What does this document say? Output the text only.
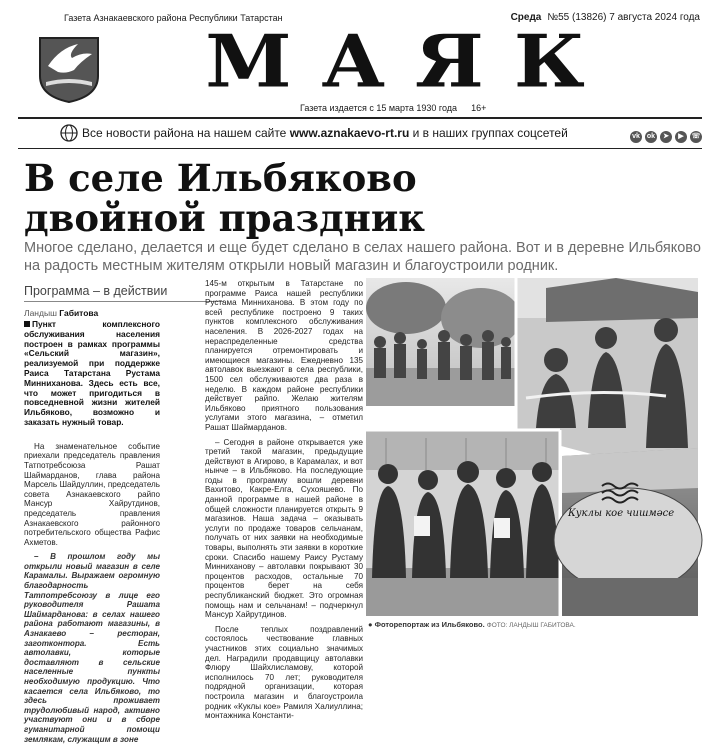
Газета Азнакаевского района Республики Татарстан	Среда №55 (13826) 7 августа 2024 года
МАЯК
Газета издается с 15 марта 1930 года 16+
Все новости района на нашем сайте www.aznakaevo-rt.ru и в наших группах соцсетей	vk ok ➤ ▶ ☏
В селе Ильбяково
двойной праздник
Многое сделано, делается и еще будет сделано в селах нашего района. Вот и в деревне Ильбяково на радость местным жителям открыли новый магазин и благоустроили родник.
Программа – в действии
Ландыш Габитова

Пункт комплексного обслуживания населения построен в рамках программы «Сельский магазин», реализуемой при поддержке Раиса Татарстана Рустама Минниханова. Здесь есть все, что может пригодиться в повседневной жизни жителей Ильбяково, возможно и заказать нужный товар.

На знаменательное событие приехали председатель правления Татпотребсоюза Рашат Шаймарданов, глава района Марсель Шайдуллин, председатель совета Азнакаевского райпо Мансур Хайрутдинов, председатель правления Азнакаевского районного потребительского общества Рафис Ахметов.

– В прошлом году мы открыли новый магазин в селе Карамалы. Выражаем огромную благодарность Татпотребсоюзу в лице его руководителя Рашата Шаймарданова: в селах нашего района работают магазины, в Азнакаево – ресторан, заготконтора. Есть автолавки, которые доставляют в сельские населенные пункты необходимую продукцию. Что касается села Ильбяково, то здесь проживает трудолюбивый народ, активно участвуют они и в сборе гуманитарной помощи землякам, служащим в зоне

145-м открытым в Татарстане по программе Раиса нашей республики Рустама Минниханова. В этом году по всей республике построено 9 таких пунктов комплексного обслуживания населения. В 2026-2027 годах на нераспределенные средства планируется отремонтировать и имеющиеся магазины. Ежедневно 135 автолавок выезжают в села республики, 1500 сел обслуживаются два раза в неделю. В каждом районе республики действует райпо. Желаю жителям Ильбяково приятного пользования услугами этого магазина, – отметил Рашат Шаймарданов.

– Сегодня в районе открывается уже третий такой магазин, предыдущие действуют в Агирово, в Карамалах, и вот нынче – в Ильбяково. На последующие годы в программу вошли деревни Вахитово, Какре-Елга, Сухояшево. По данной программе в нашей районе в общей сложности планируется открыть 9 магазинов. Наша задача – оказывать услуги по продаже товаров сельчанам, получать от них заявки на необходимые товары, выполнять эти заявки в короткие сроки. Спасибо нашему Раису Рустаму Минниханову – автолавки покрывают 30 процентов расходов, остальные 70 процентов берет на себя республиканский бюджет. Это огромная помощь нам и сельчанам! – подчеркнул Мансур Хайрутдинов.

После теплых поздравлений состоялось чествование главных участников этих социально значимых дел. Наградили продавщицу автолавки Флюру Шайхлисламову, которой исполнилось 70 лет; руководителя подрядной организации, которая построила магазин и благоустроила родник «Куклы кое» Рамиля Халиуллина; монтажника Константи-

Куклы кое чишмәсе
● Фоторепортаж из Ильбяково. ФОТО: ЛАНДЫШ ГАБИТОВА.
